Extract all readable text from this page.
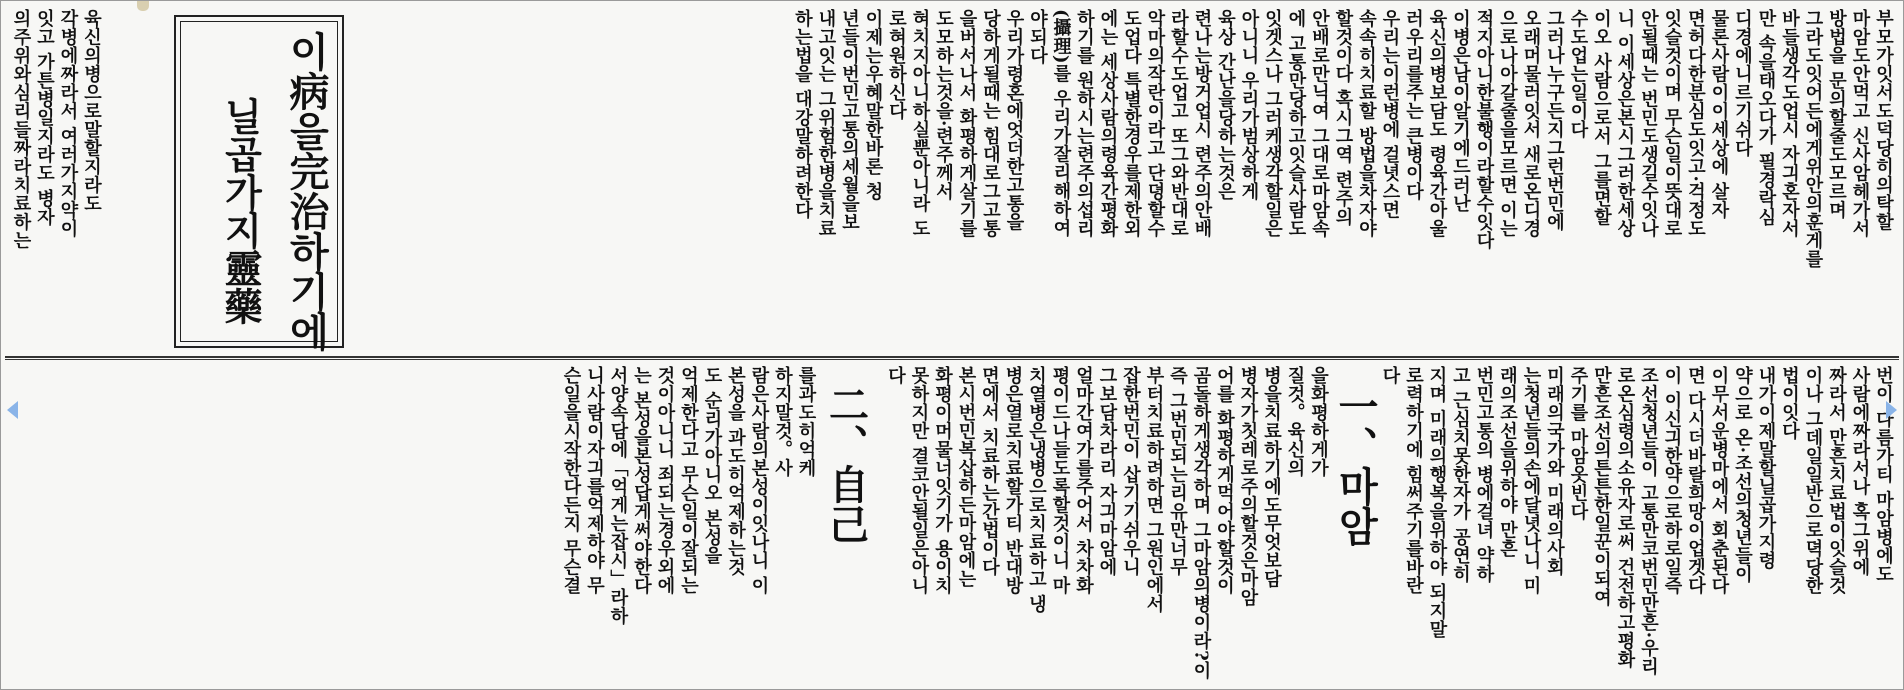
부모가잇서도덕당히의탁할
마암도안먹고 신사암헤가서
방법을 문의할줄도모르며
그라도잇어든에게위안의훈게를
바들생각도업시 자긔혼자서
만 속을태오다가 필경락심
디경에니르기쉬다
물론사람이이세상에 살자
면허다한분심도잇고·걱정도
잇슬것이며 무슨일이뜻대로
안될때는 번민도생길수잇나
니 이세상은본시그러한세상
이오 사람으로서 그를면할
수도업는일이다
그러나누구든지그런번민에
오래머물러잇서 새로온디경
으로나아갈줄을모르면 이는
적지아니한불행이라할수잇다
이병은남이알기에드러난
육신의병보담도 령육간아울
러우리를주는 큰병이다
우리는이런병에 걸녓스면
속속히치료할 방법을차자야
할것이다 혹시그역 련주의
안배로만닉여 그대로마암속
에 고통만당하고잇슬사람도
잇겟스나 그러케생각할일은
아니니 우리가범상하게
육상 간난을당하는것은
련나는방거업시 련주의안배
라할수도업고 또그와반대로
악마의작란이라고 단뎡할수
도업다 특별한경우를제한외
에는 세상사람의령육간평화
하기를 원하시는련주의섭리
(攝理)를 우리가잘리해하여
야되다
우리가령혼에엇더한고통을
당하게될때는 힘대로그고통
을버서나서 화평하게살기를
도모하는것을·련주께서
혀치지아니하실뿐아니라 도
로혀원하신다
이제는우혜말한바론 청
년들이번민고통의세월을보
내고잇는 그위험한병을치료
하는법을 대강말하려한다
이病을完治하기에
닐곱가지靈藥
육신의병으로말할지라도
각병에짜라서 여러가지약이
잇고 가튼병일지라도 병자
의주위와심리들짜라치료하는
번이 다름가티 마암병에도
사람에짜라서나 혹그위에
짜라서 만흔치료법이잇슬것
이나 그데일일반으로뎍당한
법이잇다
내가이제말할닐곱가지령
약으로 온·조선의청년들이
이무서운병마에서 회춘된다
면 다시더바랄희망이업겟다
이 이신긔한약으로하로일즉
조선청년들이 고통만코번민만흔·우리
로온심령의소유자로써 건전하고평화
만흔조선의튼튼한일꾼이되여
주기를 마암옷빈다
미래의국가와 미래의사회
는청년들의손에달녓나니 미
래의조선을위하야 만흔
번민고통의 병에걸녀 약하
고 근심치못한자가 공연히
지며 미래의행복을위하야 되지말
로력하기에 힘써주기를바란
다
一、마암
을화평하게가
질것。육신의
병을치료하기에도무엇보담
병자가칫레로주의할것은마암
어를 화평하게먹어야할것이
곰돌하게생각하며 그마암의병이라?이
즉 그번민되는리유만너무
부터치료하려하면 그원인에서
잡한번민이 삽기기쉬우니
그보담차라리 자긔마암에
얼마간여가를주어서 차차화
평이드나들도록할것이니 마
치열병은냉병으로치료하고 냉
병은열로치료할가티 반대방
면에서 치료하는간법이다
본시번민복삽하든마암에는
화평이머물너잇기가 용이치
못하지만 결코안될일은아니
다
二、自己
를과도히억케
하지말것。사
람은사람의본성이잇나니 이
본성을 과도히억제하는것
도 순리가아니오 본성을
억제한다고 무슨일이잘되는
것이아니니 죄되는경우외에
는 본성을본성답게써야한다
서양속담에「억게는잡시」라하
니사람이자긔를억제하야 무
슨일을시작한다든지 무슨결
